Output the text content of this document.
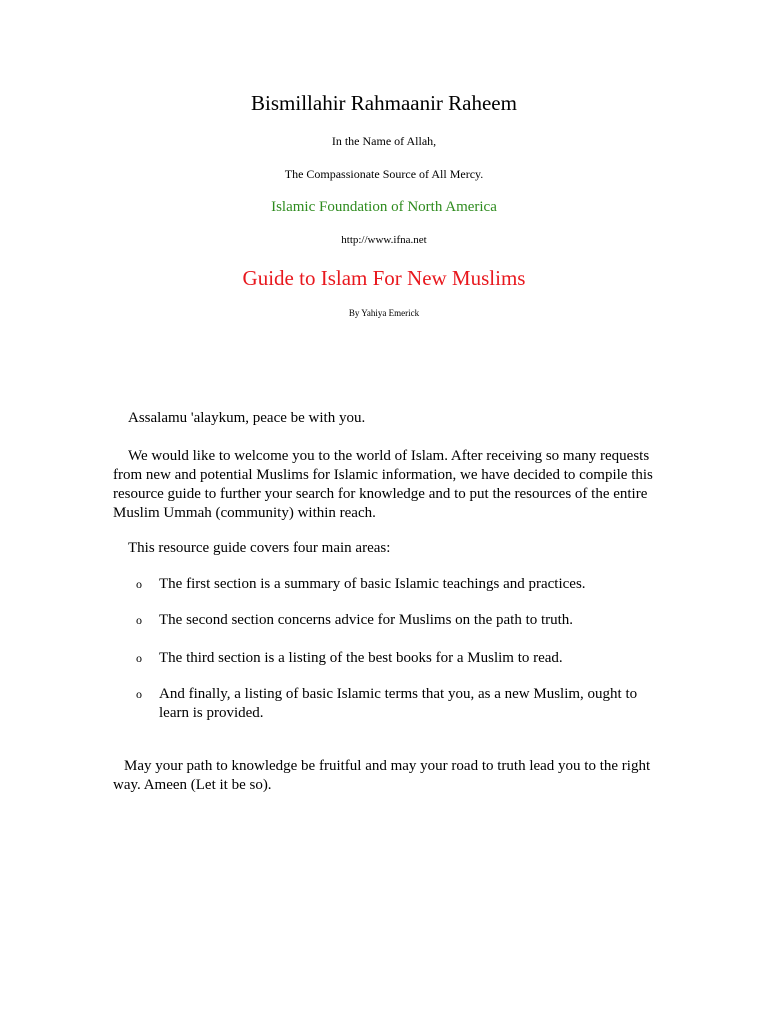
Bismillahir Rahmaanir Raheem
In the Name of Allah,
The Compassionate Source of All Mercy.
Islamic Foundation of North America
http://www.ifna.net
Guide to Islam For New Muslims
By Yahiya Emerick
Assalamu 'alaykum, peace be with you.
We would like to welcome you to the world of Islam. After receiving so many requests from new and potential Muslims for Islamic information, we have decided to compile this resource guide to further your search for knowledge and to put the resources of the entire Muslim Ummah (community) within reach.
This resource guide covers four main areas:
o The first section is a summary of basic Islamic teachings and practices.
o The second section concerns advice for Muslims on the path to truth.
o The third section is a listing of the best books for a Muslim to read.
o And finally, a listing of basic Islamic terms that you, as a new Muslim, ought to learn is provided.
May your path to knowledge be fruitful and may your road to truth lead you to the right way. Ameen (Let it be so).
